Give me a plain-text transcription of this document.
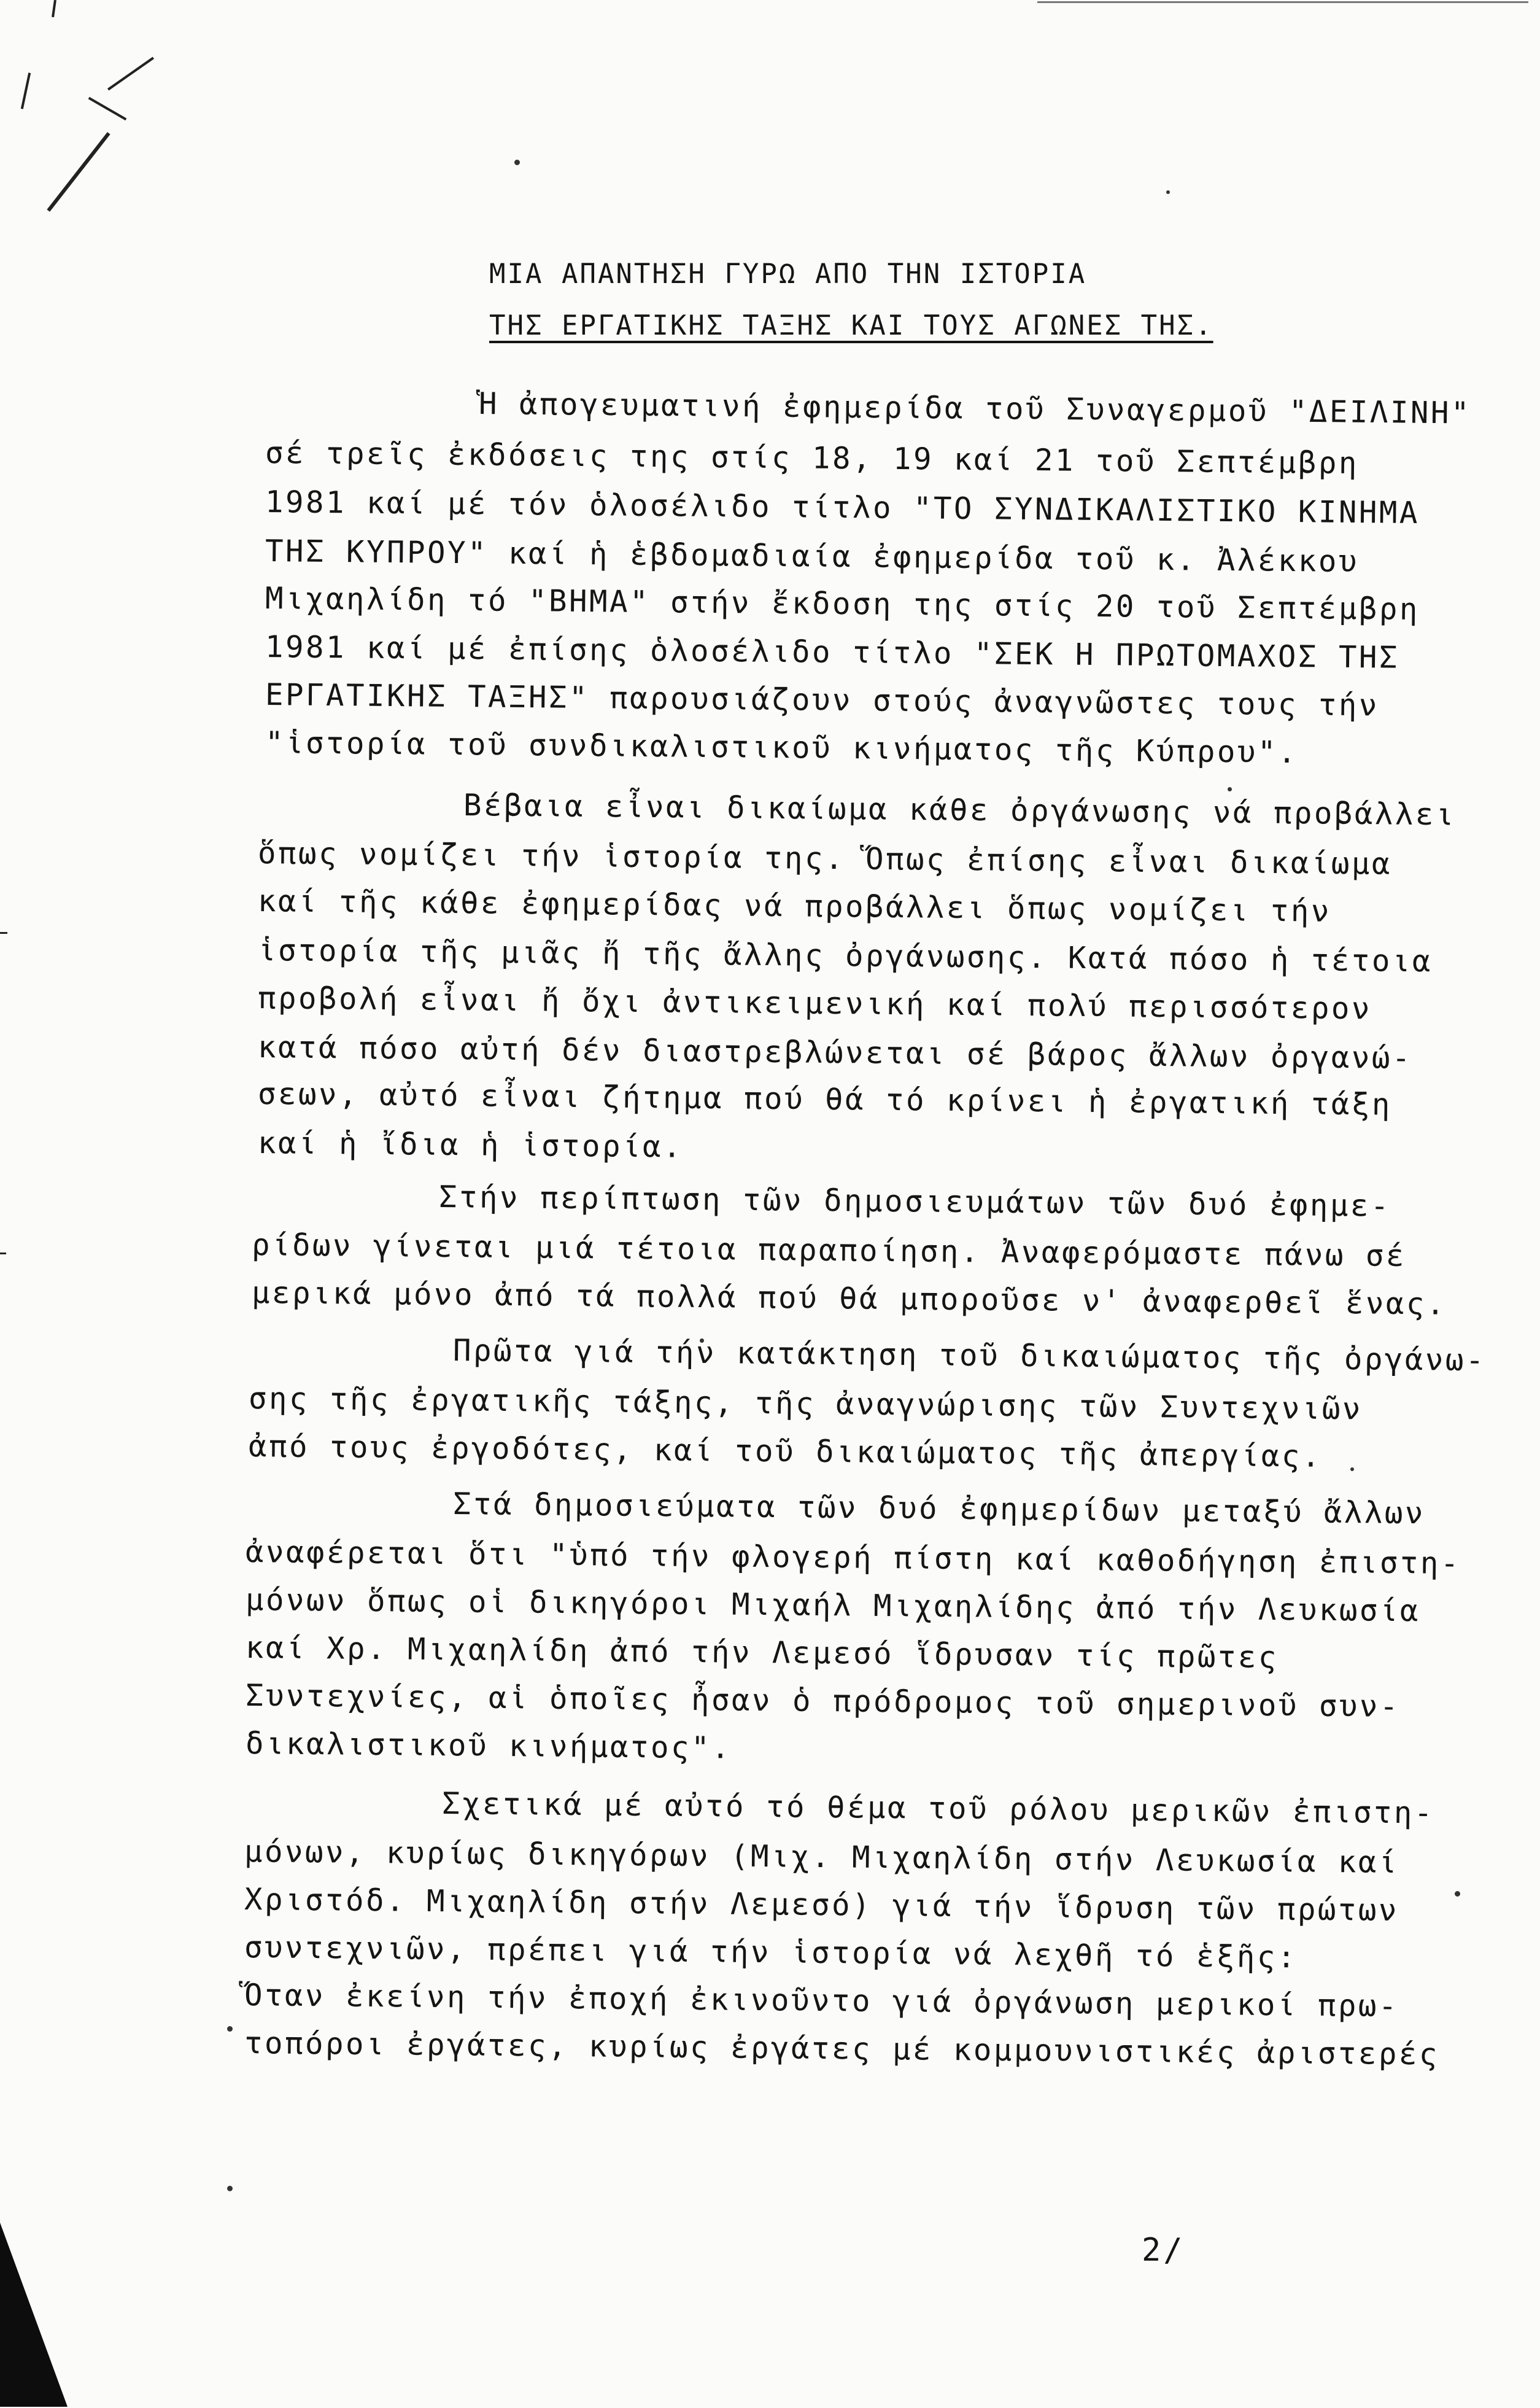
ΜΙΑ ΑΠΑΝΤΗΣΗ ΓΥΡΩ ΑΠΟ ΤΗΝ ΙΣΤΟΡΙΑ
ΤΗΣ ΕΡΓΑΤΙΚΗΣ ΤΑΞΗΣ ΚΑΙ ΤΟΥΣ ΑΓΩΝΕΣ ΤΗΣ.
Ἡ ἀπογευματινή ἐφημερίδα τοῦ Συναγερμοῦ "ΔΕΙΛΙΝΗ"
σέ τρεῖς ἐκδόσεις της στίς 18, 19 καί 21 τοῦ Σεπτέμβρη
1981 καί μέ τόν ὁλοσέλιδο τίτλο "ΤΟ ΣΥΝΔΙΚΑΛΙΣΤΙΚΟ ΚΙΝΗΜΑ
ΤΗΣ ΚΥΠΡΟΥ" καί ἡ ἑβδομαδιαία ἐφημερίδα τοῦ κ. Ἀλέκκου
Μιχαηλίδη τό "ΒΗΜΑ" στήν ἔκδοση της στίς 20 τοῦ Σεπτέμβρη
1981 καί μέ ἐπίσης ὁλοσέλιδο τίτλο "ΣΕΚ Η ΠΡΩΤΟΜΑΧΟΣ ΤΗΣ
ΕΡΓΑΤΙΚΗΣ ΤΑΞΗΣ" παρουσιάζουν στούς ἀναγνῶστες τους τήν
"ἱστορία τοῦ συνδικαλιστικοῦ κινήματος τῆς Κύπρου".
Βέβαια εἶναι δικαίωμα κάθε ὀργάνωσης νά προβάλλει
ὅπως νομίζει τήν ἱστορία της. Ὅπως ἐπίσης εἶναι δικαίωμα
καί τῆς κάθε ἐφημερίδας νά προβάλλει ὅπως νομίζει τήν
ἱστορία τῆς μιᾶς ἤ τῆς ἄλλης ὀργάνωσης. Κατά πόσο ἡ τέτοια
προβολή εἶναι ἤ ὄχι ἀντικειμενική καί πολύ περισσότερον
κατά πόσο αὐτή δέν διαστρεβλώνεται σέ βάρος ἄλλων ὀργανώ-
σεων, αὐτό εἶναι ζήτημα πού θά τό κρίνει ἡ ἐργατική τάξη
καί ἡ ἴδια ἡ ἱστορία.
Στήν περίπτωση τῶν δημοσιευμάτων τῶν δυό ἐφημε-
ρίδων γίνεται μιά τέτοια παραποίηση. Ἀναφερόμαστε πάνω σέ
μερικά μόνο ἀπό τά πολλά πού θά μποροῦσε ν' ἀναφερθεῖ ἕνας.
Πρῶτα γιά τήν κατάκτηση τοῦ δικαιώματος τῆς ὀργάνω-
σης τῆς ἐργατικῆς τάξης, τῆς ἀναγνώρισης τῶν Συντεχνιῶν
ἀπό τους ἐργοδότες, καί τοῦ δικαιώματος τῆς ἀπεργίας.
Στά δημοσιεύματα τῶν δυό ἐφημερίδων μεταξύ ἄλλων
ἀναφέρεται ὅτι "ὑπό τήν φλογερή πίστη καί καθοδήγηση ἐπιστη-
μόνων ὅπως οἱ δικηγόροι Μιχαήλ Μιχαηλίδης ἀπό τήν Λευκωσία
καί Χρ. Μιχαηλίδη ἀπό τήν Λεμεσό ἵδρυσαν τίς πρῶτες
Συντεχνίες, αἱ ὁποῖες ἦσαν ὁ πρόδρομος τοῦ σημερινοῦ συν-
δικαλιστικοῦ κινήματος".
Σχετικά μέ αὐτό τό θέμα τοῦ ρόλου μερικῶν ἐπιστη-
μόνων, κυρίως δικηγόρων (Μιχ. Μιχαηλίδη στήν Λευκωσία καί
Χριστόδ. Μιχαηλίδη στήν Λεμεσό) γιά τήν ἵδρυση τῶν πρώτων
συντεχνιῶν, πρέπει γιά τήν ἱστορία νά λεχθῆ τό ἑξῆς:
Ὅταν ἐκείνη τήν ἐποχή ἐκινοῦντο γιά ὀργάνωση μερικοί πρω-
τοπόροι ἐργάτες, κυρίως ἐργάτες μέ κομμουνιστικές ἀριστερές
2/
